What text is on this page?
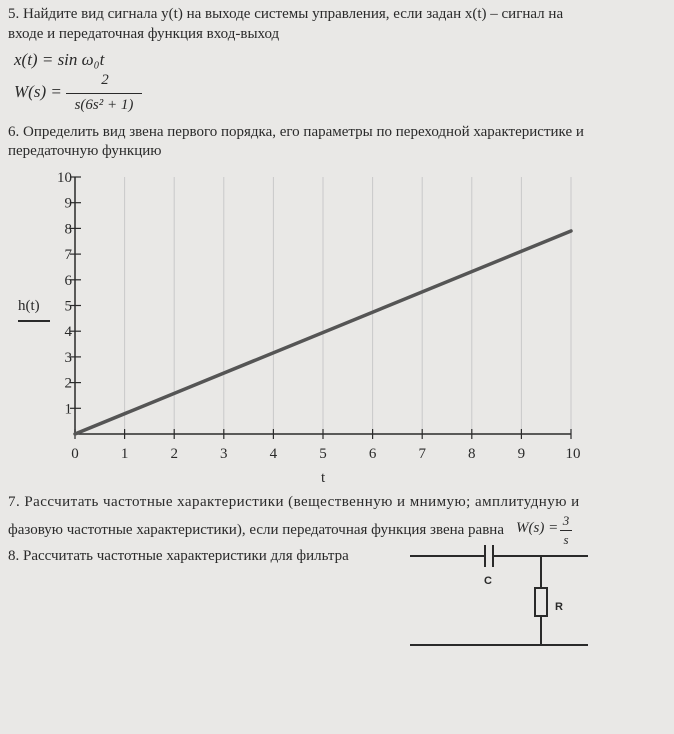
5. Найдите вид сигнала y(t) на выходе системы управления, если задан x(t) – сигнал на
входе и передаточная функция вход-выход
x(t) = sin ω₀t
W(s) =
2
s(6s² + 1)
6. Определить вид звена первого порядка, его параметры по переходной характеристике и
передаточную функцию
h(t)
t
0	1	2	3	4	5	6	7	8	9	10
1
2
3
4
5
6
7
8
9
10
7. Рассчитать частотные характеристики (вещественную и мнимую; амплитудную и
фазовую частотные характеристики), если передаточная функция звена равна W(s) = 3
s
8. Рассчитать частотные характеристики для фильтра
C
R
